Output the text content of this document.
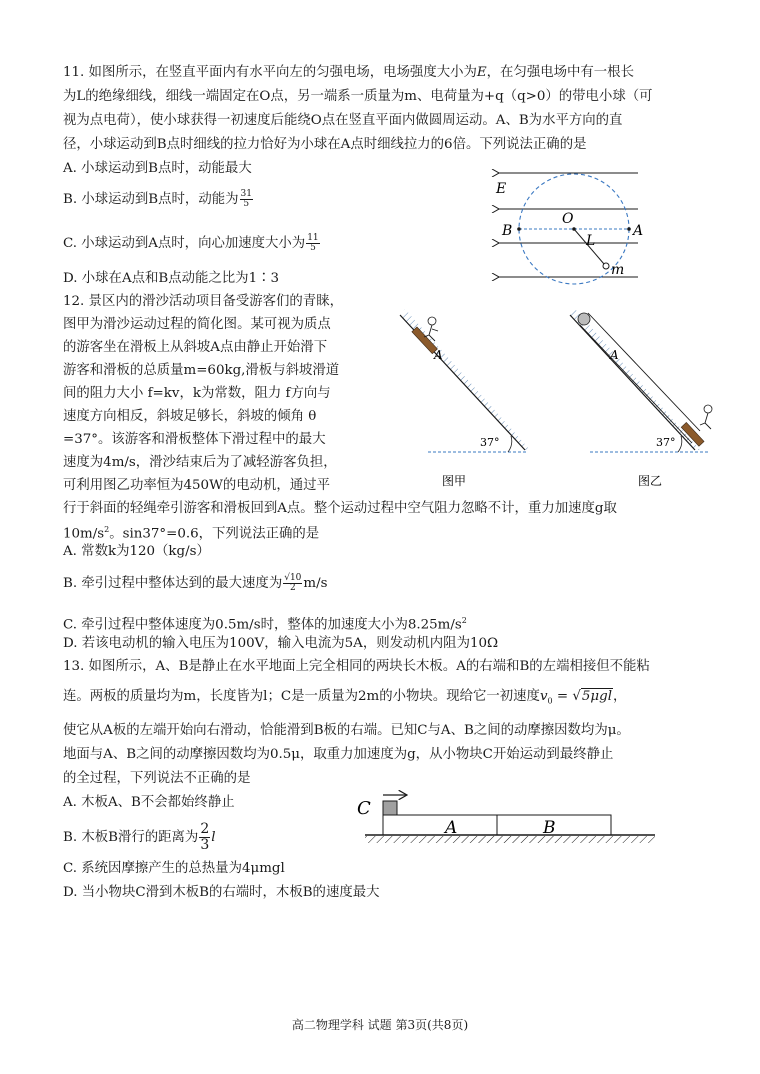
11. 如图所示，在竖直平面内有水平向左的匀强电场，电场强度大小为E，在匀强电场中有一根长
为L的绝缘细线，细线一端固定在O点，另一端系一质量为m、电荷量为+q（q>0）的带电小球（可
视为点电荷），使小球获得一初速度后能绕O点在竖直平面内做圆周运动。A、B为水平方向的直
径，小球运动到B点时细线的拉力恰好为小球在A点时细线拉力的6倍。下列说法正确的是
A. 小球运动到B点时，动能最大
B. 小球运动到B点时，动能为 $\frac{31}{5}$
C. 小球运动到A点时，向心加速度大小为 $\frac{11}{5}$
D. 小球在A点和B点动能之比为1∶3
E
O
B	A
L
m
12. 景区内的滑沙活动项目备受游客们的青睐，
图甲为滑沙运动过程的简化图。某可视为质点
的游客坐在滑板上从斜坡A点由静止开始滑下
游客和滑板的总质量m=60kg,滑板与斜坡滑道
间的阻力大小 f=kv，k为常数，阻力 f方向与
速度方向相反，斜坡足够长，斜坡的倾角 θ
=37°。该游客和滑板整体下滑过程中的最大
速度为4m/s，滑沙结束后为了减轻游客负担，
可利用图乙功率恒为450W的电动机，通过平
行于斜面的轻绳牵引游客和滑板回到A点。整个运动过程中空气阻力忽略不计，重力加速度g取
$10m/s^2$。sin37°=0.6，下列说法正确的是
A. 常数k为120（kg/s）
B. 牵引过程中整体达到的最大速度为 $\frac{√10}{2} m/s$
C. 牵引过程中整体速度为0.5m/s时，整体的加速度大小为$8.25m/s^2$
D. 若该电动机的输入电压为100V，输入电流为5A，则发动机内阻为10Ω
A
37°
图甲
A
37°
图乙
13. 如图所示，A、B是静止在水平地面上完全相同的两块长木板。A的右端和B的左端相接但不能粘
连。两板的质量均为m，长度皆为l；C是一质量为2m的小物块。现给它一初速度$v_0 = √5\mu gl$，
使它从A板的左端开始向右滑动，恰能滑到B板的右端。已知C与A、B之间的动摩擦因数均为μ。
地面与A、B之间的动摩擦因数均为0.5μ，取重力加速度为g，从小物块C开始运动到最终静止
的全过程，下列说法不正确的是
A. 木板A、B不会都始终静止
B. 木板B滑行的距离为 $\frac{2}{3}$ l
C. 系统因摩擦产生的总热量为4μmgl
D. 当小物块C滑到木板B的右端时，木板B的速度最大
C
A	B
高二物理学科 试题 第3页(共8页)
